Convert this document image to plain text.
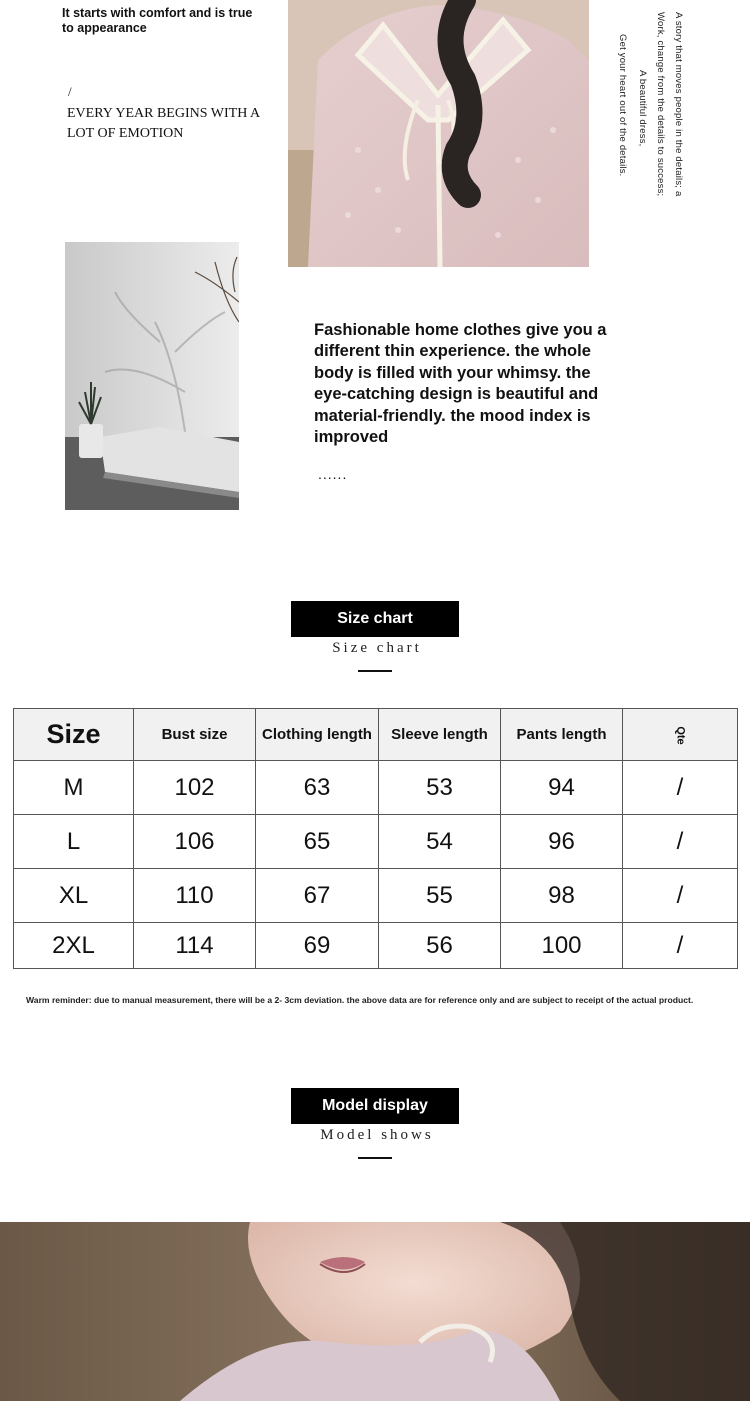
It starts with comfort and is true to appearance
/
EVERY YEAR BEGINS WITH A LOT OF EMOTION	A story that moves people in the details; a
Work, change from the details to success;
A beautiful dress,
Get your heart out of the details.
Fashionable home clothes give you a different thin experience. the whole body is filled with your whimsy. the eye-catching design is beautiful and material-friendly. the mood index is improved
......
Size chart
Size chart
Size	Bust size	Clothing length	Sleeve length	Pants length	Qte
M	102	63	53	94	/
L	106	65	54	96	/
XL	110	67	55	98	/
2XL	114	69	56	100	/
Warm reminder: due to manual measurement, there will be a 2- 3cm deviation. the above data are for reference only and are subject to receipt of the actual product.
Model display
Model shows
